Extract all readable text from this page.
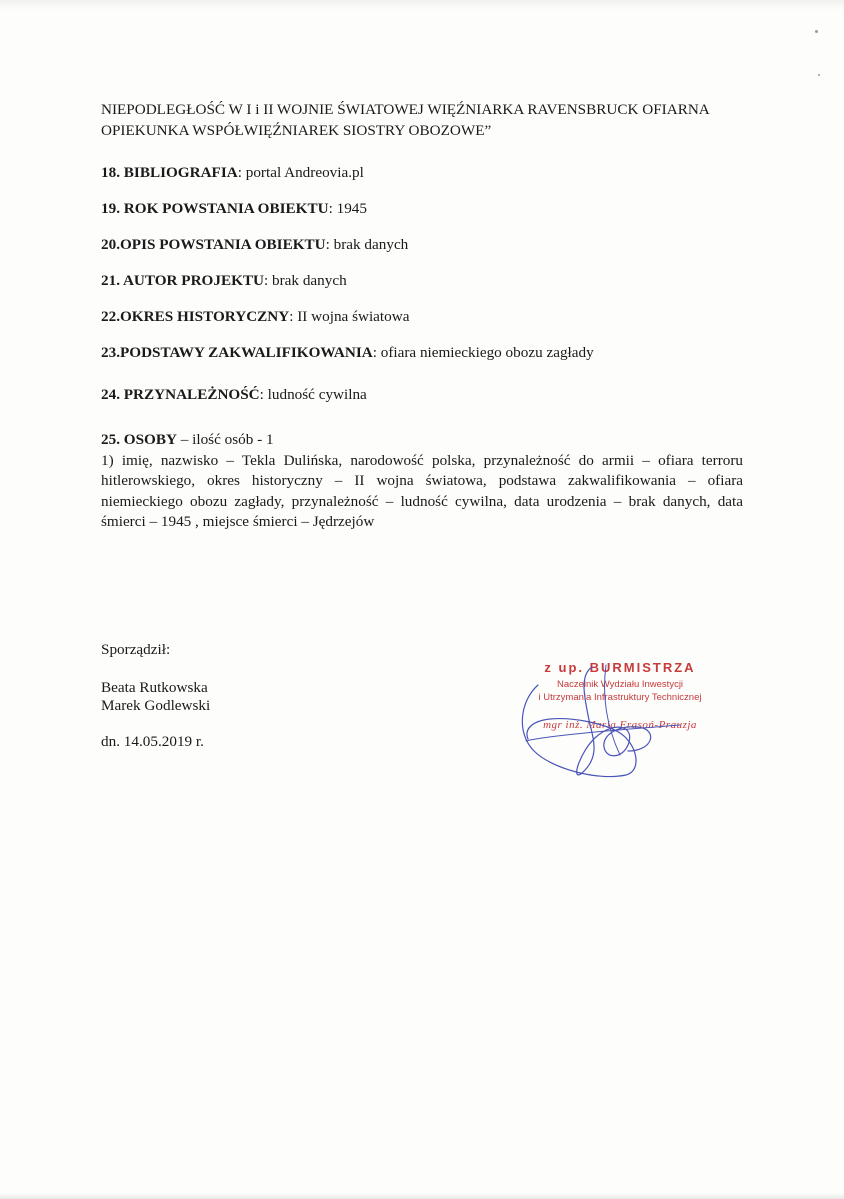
NIEPODLEGŁOŚĆ W I i II WOJNIE ŚWIATOWEJ WIĘŹNIARKA RAVENSBRUCK OFIARNA OPIEKUNKA WSPÓŁWIĘŹNIAREK SIOSTRY OBOZOWE”

18. BIBLIOGRAFIA: portal Andreovia.pl

19. ROK POWSTANIA OBIEKTU: 1945

20.OPIS POWSTANIA OBIEKTU: brak danych

21. AUTOR PROJEKTU: brak danych

22.OKRES HISTORYCZNY: II wojna światowa

23.PODSTAWY ZAKWALIFIKOWANIA: ofiara niemieckiego obozu zagłady

24. PRZYNALEŻNOŚĆ: ludność cywilna

25. OSOBY – ilość osób - 1

1) imię, nazwisko – Tekla Dulińska, narodowość polska, przynależność do armii – ofiara terroru hitlerowskiego, okres historyczny – II wojna światowa, podstawa zakwalifikowania – ofiara niemieckiego obozu zagłady, przynależność – ludność cywilna, data urodzenia – brak danych, data śmierci – 1945 , miejsce śmierci – Jędrzejów

Sporządził:
Beata Rutkowska
Marek Godlewski
dn. 14.05.2019 r.
z up. BURMISTRZA
Naczelnik Wydziału Inwestycji
i Utrzymania Infrastruktury Technicznej
mgr inż. Maria Frasoń-Prauzja
